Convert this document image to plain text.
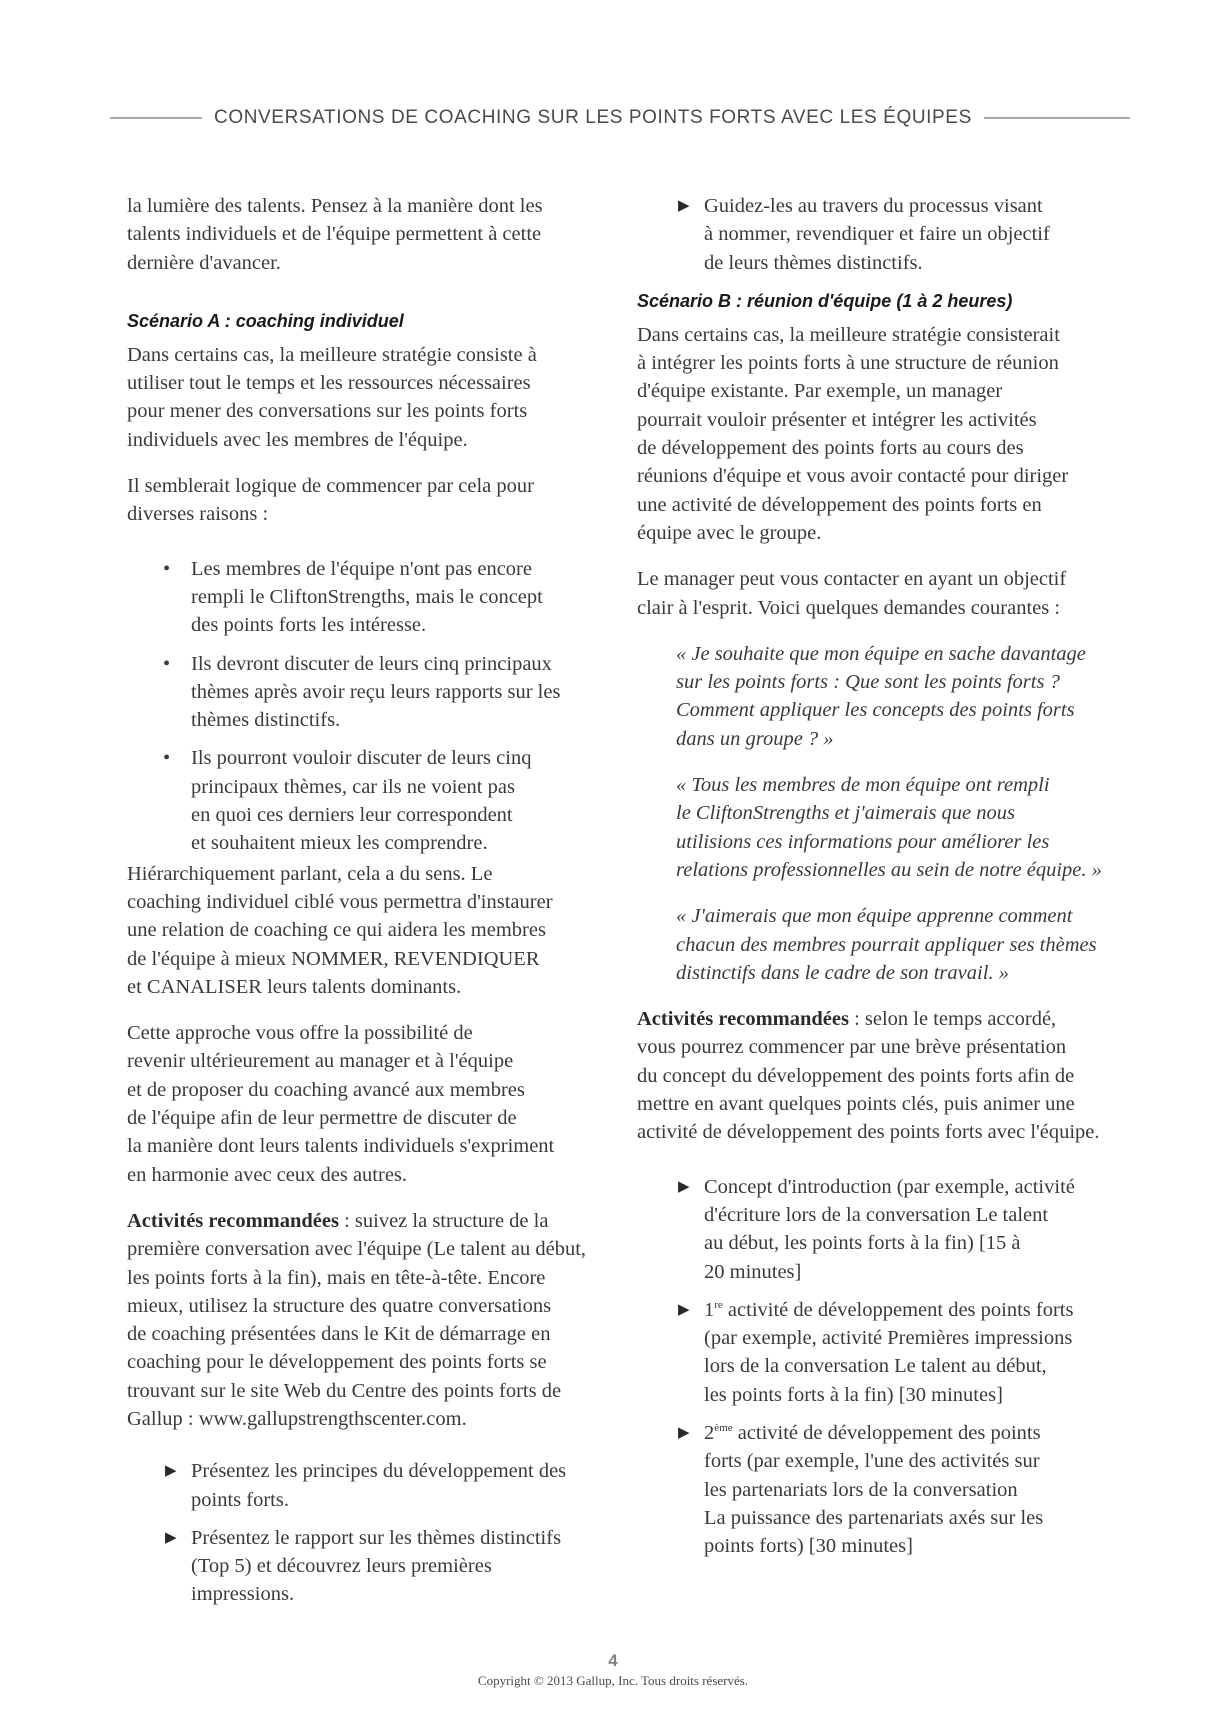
CONVERSATIONS DE COACHING SUR LES POINTS FORTS AVEC LES ÉQUIPES

la lumière des talents. Pensez à la manière dont les
talents individuels et de l'équipe permettent à cette
dernière d'avancer.

Scénario A : coaching individuel

Dans certains cas, la meilleure stratégie consiste à
utiliser tout le temps et les ressources nécessaires
pour mener des conversations sur les points forts
individuels avec les membres de l'équipe.

Il semblerait logique de commencer par cela pour
diverses raisons :

• Les membres de l'équipe n'ont pas encore
rempli le CliftonStrengths, mais le concept
des points forts les intéresse.
• Ils devront discuter de leurs cinq principaux
thèmes après avoir reçu leurs rapports sur les
thèmes distinctifs.
• Ils pourront vouloir discuter de leurs cinq
principaux thèmes, car ils ne voient pas
en quoi ces derniers leur correspondent
et souhaitent mieux les comprendre.

Hiérarchiquement parlant, cela a du sens. Le
coaching individuel ciblé vous permettra d'instaurer
une relation de coaching ce qui aidera les membres
de l'équipe à mieux NOMMER, REVENDIQUER
et CANALISER leurs talents dominants.

Cette approche vous offre la possibilité de
revenir ultérieurement au manager et à l'équipe
et de proposer du coaching avancé aux membres
de l'équipe afin de leur permettre de discuter de
la manière dont leurs talents individuels s'expriment
en harmonie avec ceux des autres.

Activités recommandées : suivez la structure de la
première conversation avec l'équipe (Le talent au début,
les points forts à la fin), mais en tête-à-tête. Encore
mieux, utilisez la structure des quatre conversations
de coaching présentées dans le Kit de démarrage en
coaching pour le développement des points forts se
trouvant sur le site Web du Centre des points forts de
Gallup : www.gallupstrengthscenter.com.

▶ Présentez les principes du développement des
points forts.
▶ Présentez le rapport sur les thèmes distinctifs
(Top 5) et découvrez leurs premières
impressions.
▶ Guidez-les au travers du processus visant
à nommer, revendiquer et faire un objectif
de leurs thèmes distinctifs.
Scénario B : réunion d'équipe (1 à 2 heures)

Dans certains cas, la meilleure stratégie consisterait
à intégrer les points forts à une structure de réunion
d'équipe existante. Par exemple, un manager
pourrait vouloir présenter et intégrer les activités
de développement des points forts au cours des
réunions d'équipe et vous avoir contacté pour diriger
une activité de développement des points forts en
équipe avec le groupe.

Le manager peut vous contacter en ayant un objectif
clair à l'esprit. Voici quelques demandes courantes :

« Je souhaite que mon équipe en sache davantage
sur les points forts : Que sont les points forts ?
Comment appliquer les concepts des points forts
dans un groupe ? »

« Tous les membres de mon équipe ont rempli
le CliftonStrengths et j'aimerais que nous
utilisions ces informations pour améliorer les
relations professionnelles au sein de notre équipe. »

« J'aimerais que mon équipe apprenne comment
chacun des membres pourrait appliquer ses thèmes
distinctifs dans le cadre de son travail. »

Activités recommandées : selon le temps accordé,
vous pourrez commencer par une brève présentation
du concept du développement des points forts afin de
mettre en avant quelques points clés, puis animer une
activité de développement des points forts avec l'équipe.

▶ Concept d'introduction (par exemple, activité
d'écriture lors de la conversation Le talent
au début, les points forts à la fin) [15 à
20 minutes]
▶ 1re activité de développement des points forts
(par exemple, activité Premières impressions
lors de la conversation Le talent au début,
les points forts à la fin) [30 minutes]
▶ 2ème activité de développement des points
forts (par exemple, l'une des activités sur
les partenariats lors de la conversation
La puissance des partenariats axés sur les
points forts) [30 minutes]
4
Copyright © 2013 Gallup, Inc. Tous droits réservés.
